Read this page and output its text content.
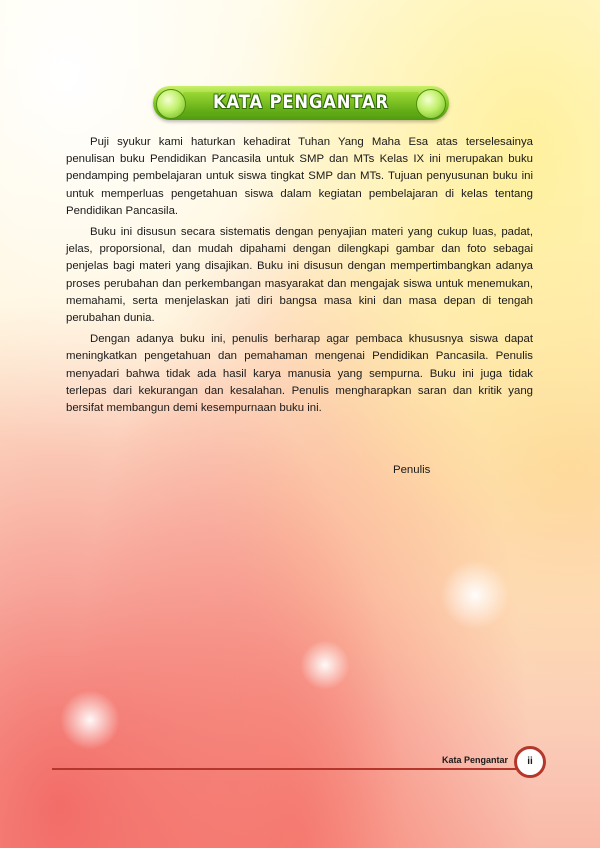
KATA PENGANTAR

Puji syukur kami haturkan kehadirat Tuhan Yang Maha Esa atas terselesainya penulisan buku Pendidikan Pancasila untuk SMP dan MTs Kelas IX ini merupakan buku pendamping pembelajaran untuk siswa tingkat SMP dan MTs. Tujuan penyusunan buku ini untuk memperluas pengetahuan siswa dalam kegiatan pembelajaran di kelas tentang Pendidikan Pancasila.

Buku ini disusun secara sistematis dengan penyajian materi yang cukup luas, padat, jelas, proporsional, dan mudah dipahami dengan dilengkapi gambar dan foto sebagai penjelas bagi materi yang disajikan. Buku ini disusun dengan mempertimbangkan adanya proses perubahan dan perkembangan masyarakat dan mengajak siswa untuk menemukan, memahami, serta menjelaskan jati diri bangsa masa kini dan masa depan di tengah perubahan dunia.

Dengan adanya buku ini, penulis berharap agar pembaca khususnya siswa dapat meningkatkan pengetahuan dan pemahaman mengenai Pendidikan Pancasila. Penulis menyadari bahwa tidak ada hasil karya manusia yang sempurna. Buku ini juga tidak terlepas dari kekurangan dan kesalahan. Penulis mengharapkan saran dan kritik yang bersifat membangun demi kesempurnaan buku ini.

Penulis
Kata Pengantar	ii
